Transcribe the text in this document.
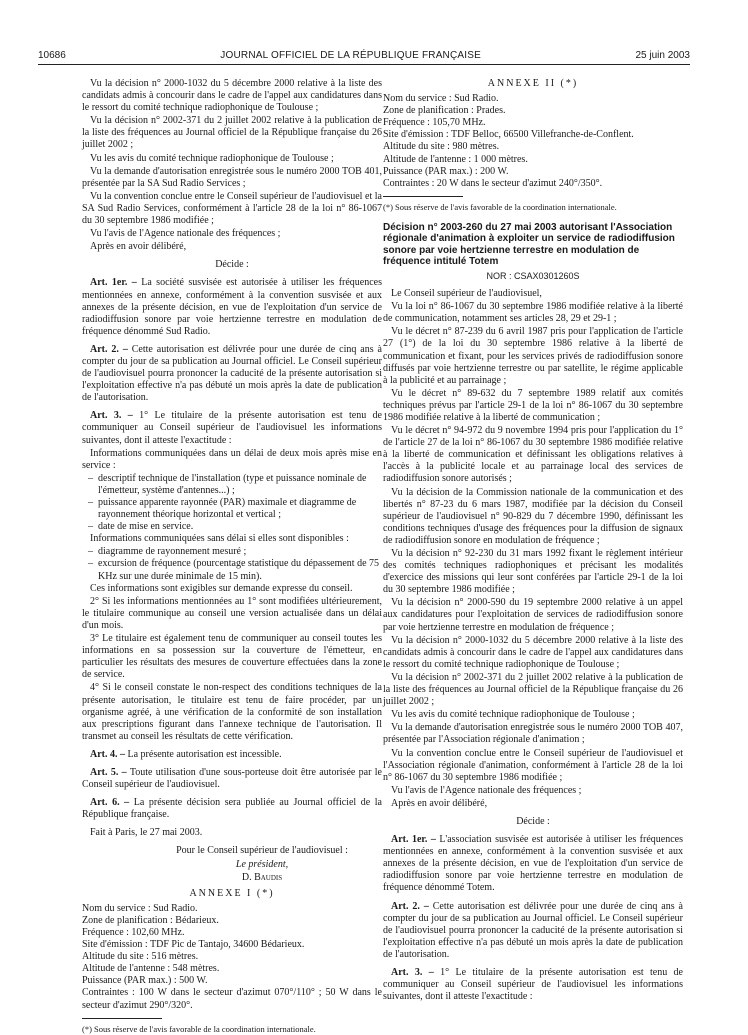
10686	JOURNAL OFFICIEL DE LA RÉPUBLIQUE FRANÇAISE	25 juin 2003

Vu la décision n° 2000-1032 du 5 décembre 2000 relative à la liste des candidats admis à concourir dans le cadre de l'appel aux candidatures dans le ressort du comité technique radiophonique de Toulouse ;

Vu la décision n° 2002-371 du 2 juillet 2002 relative à la publication de la liste des fréquences au Journal officiel de la République française du 26 juillet 2002 ;

Vu les avis du comité technique radiophonique de Toulouse ;

Vu la demande d'autorisation enregistrée sous le numéro 2000 TOB 401, présentée par la SA Sud Radio Services ;

Vu la convention conclue entre le Conseil supérieur de l'audiovisuel et la SA Sud Radio Services, conformément à l'article 28 de la loi n° 86-1067 du 30 septembre 1986 modifiée ;

Vu l'avis de l'Agence nationale des fréquences ;

Après en avoir délibéré,

Décide :

Art. 1er. – La société susvisée est autorisée à utiliser les fréquences mentionnées en annexe, conformément à la convention susvisée et aux annexes de la présente décision, en vue de l'exploitation d'un service de radiodiffusion sonore par voie hertzienne terrestre en modulation de fréquence dénommé Sud Radio.

Art. 2. – Cette autorisation est délivrée pour une durée de cinq ans à compter du jour de sa publication au Journal officiel. Le Conseil supérieur de l'audiovisuel pourra prononcer la caducité de la présente autorisation si l'exploitation effective n'a pas débuté un mois après la date de publication de l'autorisation.

Art. 3. – 1° Le titulaire de la présente autorisation est tenu de communiquer au Conseil supérieur de l'audiovisuel les informations suivantes, dont il atteste l'exactitude :

Informations communiquées dans un délai de deux mois après mise en service :

– descriptif technique de l'installation (type et puissance nominale de l'émetteur, système d'antennes...) ;

– puissance apparente rayonnée (PAR) maximale et diagramme de rayonnement théorique horizontal et vertical ;

– date de mise en service.

Informations communiquées sans délai si elles sont disponibles :

– diagramme de rayonnement mesuré ;

– excursion de fréquence (pourcentage statistique du dépassement de 75 KHz sur une durée minimale de 15 min).

Ces informations sont exigibles sur demande expresse du conseil.

2° Si les informations mentionnées au 1° sont modifiées ultérieurement, le titulaire communique au conseil une version actualisée dans un délai d'un mois.

3° Le titulaire est également tenu de communiquer au conseil toutes les informations en sa possession sur la couverture de l'émetteur, en particulier les résultats des mesures de couverture effectuées dans la zone de service.

4° Si le conseil constate le non-respect des conditions techniques de la présente autorisation, le titulaire est tenu de faire procéder, par un organisme agréé, à une vérification de la conformité de son installation aux prescriptions figurant dans l'annexe technique de l'autorisation. Il transmet au conseil les résultats de cette vérification.

Art. 4. – La présente autorisation est incessible.

Art. 5. – Toute utilisation d'une sous-porteuse doit être autorisée par le Conseil supérieur de l'audiovisuel.

Art. 6. – La présente décision sera publiée au Journal officiel de la République française.

Fait à Paris, le 27 mai 2003.

Pour le Conseil supérieur de l'audiovisuel :

Le président,

D. Baudis

ANNEXE I (*)

Nom du service : Sud Radio.

Zone de planification : Bédarieux.

Fréquence : 102,60 MHz.

Site d'émission : TDF Pic de Tantajo, 34600 Bédarieux.

Altitude du site : 516 mètres.

Altitude de l'antenne : 548 mètres.

Puissance (PAR max.) : 500 W.

Contraintes : 100 W dans le secteur d'azimut 070°/110° ; 50 W dans le secteur d'azimut 290°/320°.

(*) Sous réserve de l'avis favorable de la coordination internationale.

ANNEXE II (*)

Nom du service : Sud Radio.

Zone de planification : Prades.

Fréquence : 105,70 MHz.

Site d'émission : TDF Belloc, 66500 Villefranche-de-Conflent.

Altitude du site : 980 mètres.

Altitude de l'antenne : 1 000 mètres.

Puissance (PAR max.) : 200 W.

Contraintes : 20 W dans le secteur d'azimut 240°/350°.

(*) Sous réserve de l'avis favorable de la coordination internationale.

Décision n° 2003-260 du 27 mai 2003 autorisant l'Association régionale d'animation à exploiter un service de radiodiffusion sonore par voie hertzienne terrestre en modulation de fréquence intitulé Totem

NOR : CSAX0301260S

Le Conseil supérieur de l'audiovisuel,

Vu la loi n° 86-1067 du 30 septembre 1986 modifiée relative à la liberté de communication, notamment ses articles 28, 29 et 29-1 ;

Vu le décret n° 87-239 du 6 avril 1987 pris pour l'application de l'article 27 (1°) de la loi du 30 septembre 1986 relative à la liberté de communication et fixant, pour les services privés de radiodiffusion sonore diffusés par voie hertzienne terrestre ou par satellite, le régime applicable à la publicité et au parrainage ;

Vu le décret n° 89-632 du 7 septembre 1989 relatif aux comités techniques prévus par l'article 29-1 de la loi n° 86-1067 du 30 septembre 1986 modifiée relative à la liberté de communication ;

Vu le décret n° 94-972 du 9 novembre 1994 pris pour l'application du 1° de l'article 27 de la loi n° 86-1067 du 30 septembre 1986 modifiée relative à la liberté de communication et définissant les obligations relatives à l'accès à la publicité locale et au parrainage local des services de radiodiffusion sonore autorisés ;

Vu la décision de la Commission nationale de la communication et des libertés n° 87-23 du 6 mars 1987, modifiée par la décision du Conseil supérieur de l'audiovisuel n° 90-829 du 7 décembre 1990, définissant les conditions techniques d'usage des fréquences pour la diffusion de signaux de radiodiffusion sonore en modulation de fréquence ;

Vu la décision n° 92-230 du 31 mars 1992 fixant le règlement intérieur des comités techniques radiophoniques et précisant les modalités d'exercice des missions qui leur sont conférées par l'article 29-1 de la loi du 30 septembre 1986 modifiée ;

Vu la décision n° 2000-590 du 19 septembre 2000 relative à un appel aux candidatures pour l'exploitation de services de radiodiffusion sonore par voie hertzienne terrestre en modulation de fréquence ;

Vu la décision n° 2000-1032 du 5 décembre 2000 relative à la liste des candidats admis à concourir dans le cadre de l'appel aux candidatures dans le ressort du comité technique radiophonique de Toulouse ;

Vu la décision n° 2002-371 du 2 juillet 2002 relative à la publication de la liste des fréquences au Journal officiel de la République française du 26 juillet 2002 ;

Vu les avis du comité technique radiophonique de Toulouse ;

Vu la demande d'autorisation enregistrée sous le numéro 2000 TOB 407, présentée par l'Association régionale d'animation ;

Vu la convention conclue entre le Conseil supérieur de l'audiovisuel et l'Association régionale d'animation, conformément à l'article 28 de la loi n° 86-1067 du 30 septembre 1986 modifiée ;

Vu l'avis de l'Agence nationale des fréquences ;

Après en avoir délibéré,

Décide :

Art. 1er. – L'association susvisée est autorisée à utiliser les fréquences mentionnées en annexe, conformément à la convention susvisée et aux annexes de la présente décision, en vue de l'exploitation d'un service de radiodiffusion sonore par voie hertzienne terrestre en modulation de fréquence dénommé Totem.

Art. 2. – Cette autorisation est délivrée pour une durée de cinq ans à compter du jour de sa publication au Journal officiel. Le Conseil supérieur de l'audiovisuel pourra prononcer la caducité de la présente autorisation si l'exploitation effective n'a pas débuté un mois après la date de publication de l'autorisation.

Art. 3. – 1° Le titulaire de la présente autorisation est tenu de communiquer au Conseil supérieur de l'audiovisuel les informations suivantes, dont il atteste l'exactitude :
